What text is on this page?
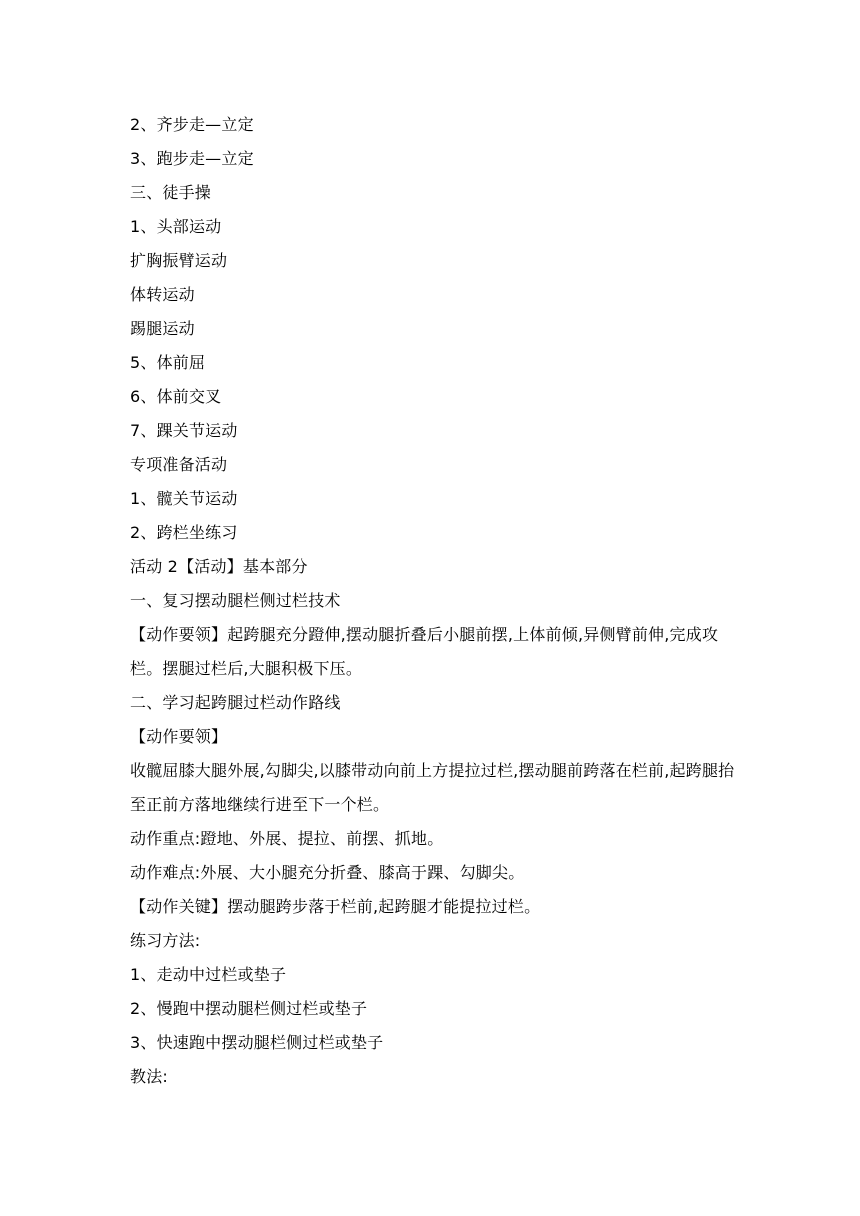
2、齐步走—立定
3、跑步走—立定
三、徒手操
1、头部运动
扩胸振臂运动
体转运动
踢腿运动
5、体前屈
6、体前交叉
7、踝关节运动
专项准备活动
1、髋关节运动
2、跨栏坐练习
活动 2【活动】基本部分
一、复习摆动腿栏侧过栏技术
【动作要领】起跨腿充分蹬伸,摆动腿折叠后小腿前摆,上体前倾,异侧臂前伸,完成攻栏。摆腿过栏后,大腿积极下压。
二、学习起跨腿过栏动作路线
【动作要领】
收髋屈膝大腿外展,勾脚尖,以膝带动向前上方提拉过栏,摆动腿前跨落在栏前,起跨腿抬至正前方落地继续行进至下一个栏。
动作重点:蹬地、外展、提拉、前摆、抓地。
动作难点:外展、大小腿充分折叠、膝高于踝、勾脚尖。
【动作关键】摆动腿跨步落于栏前,起跨腿才能提拉过栏。
练习方法:
1、走动中过栏或垫子
2、慢跑中摆动腿栏侧过栏或垫子
3、快速跑中摆动腿栏侧过栏或垫子
教法:
